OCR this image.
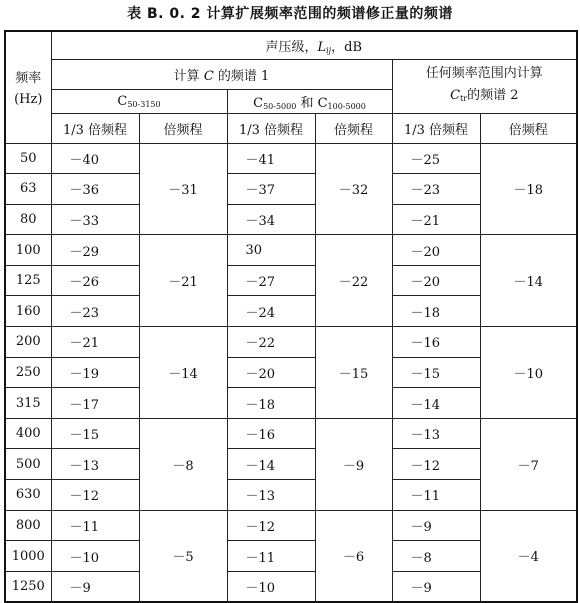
表 B. 0. 2 计算扩展频率范围的频谱修正量的频谱
频率
(Hz)	声压级，$L_{ij}$，dB					
	计算 C 的频谱 1				任何频率范围内计算
$C_{tr}$的频谱 2	

	$C_{50-3150}$		$C_{50-5000}$ 和 $C_{100-5000}$
	1/3 倍频程	倍频程	1/3 倍频程	倍频程	1/3 倍频程	倍频程
50	－40	－31	－41	－32	－25	－18
63	－36		－37		－23	
80	－33		－34		－21	
100	－29	－21	30	－22	－20	－14
125	－26		－27		－20	
160	－23		－24		－18	
200	－21	－14	－22	－15	－16	－10
250	－19		－20		－15	
315	－17		－18		－14	
400	－15	－8	－16	－9	－13	－7
500	－13		－14		－12	
630	－12		－13		－11	
800	－11	－5	－12	－6	－9	－4
1000	－10		－11		－8	
1250	－9		－10		－9	
